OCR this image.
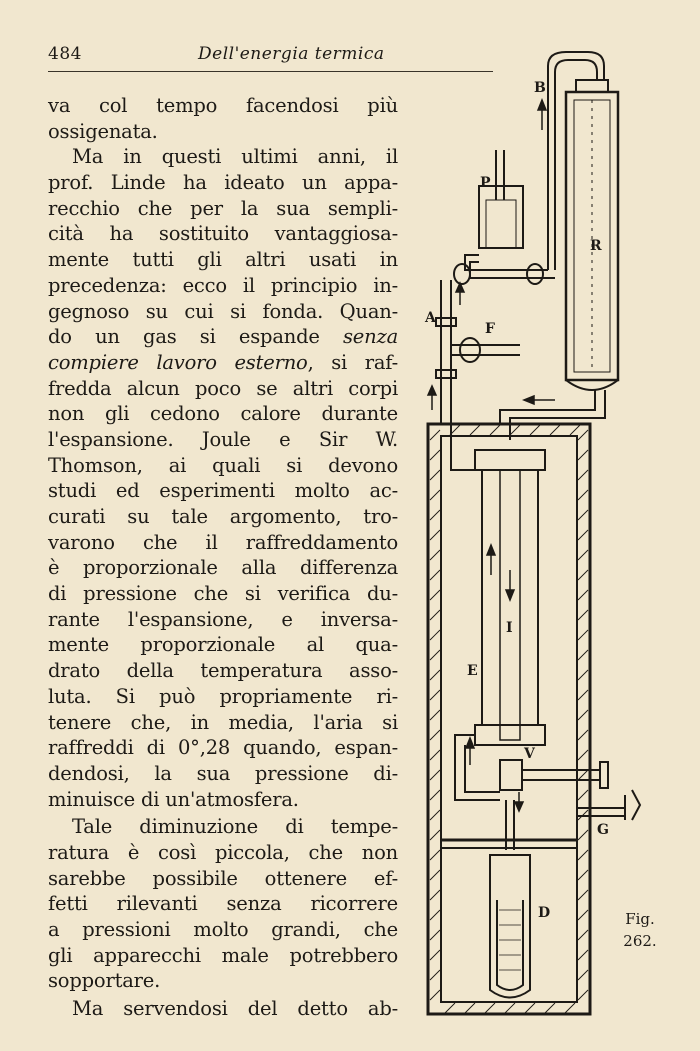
484	Dell'energia termica
va col tempo facendosi più
ossigenata.
Ma in questi ultimi anni, il
prof. Linde ha ideato un appa-
recchio che per la sua sempli-
cità ha sostituito vantaggiosa-
mente tutti gli altri usati in
precedenza: ecco il principio in-
gegnoso su cui si fonda. Quan-
do un gas si espande senza
compiere lavoro esterno, si raf-
fredda alcun poco se altri corpi
non gli cedono calore durante
l'espansione. Joule e Sir W.
Thomson, ai quali si devono
studi ed esperimenti molto ac-
curati su tale argomento, tro-
varono che il raffreddamento
è proporzionale alla differenza
di pressione che si verifica du-
rante l'espansione, e inversa-
mente proporzionale al qua-
drato della temperatura asso-
luta. Si può propriamente ri-
tenere che, in media, l'aria si
raffreddi di 0°,28 quando, espan-
dendosi, la sua pressione di-
minuisce di un'atmosfera.
Tale diminuzione di tempe-
ratura è così piccola, che non
sarebbe possibile ottenere ef-
fetti rilevanti senza ricorrere
a pressioni molto grandi, che
gli apparecchi male potrebbero
sopportare.
Ma servendosi del detto ab-
B
P
R
A
F
I
E
V
G
D	Fig.
262.
